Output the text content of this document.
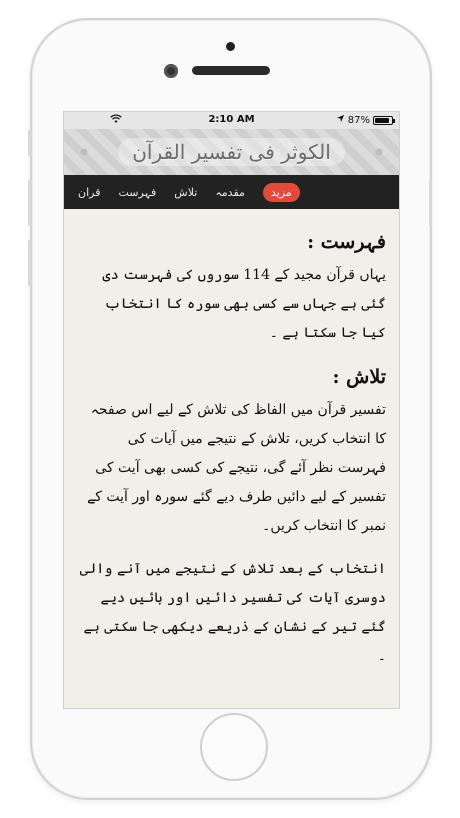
2:10 AM	87%
الکوثر فی تفسیر القرآن
قران فہرست تلاش مقدمہ	مزید
فہرست :

یہاں قرآن مجید کے 114 سوروں کی فہرست دی گئی ہے جہاں سے کسی بھی سورہ کا انتخاب کیا جا سکتا ہے ۔

تلاش :

تفسیر قرآن میں الفاظ کی تلاش کے لیے اس صفحہ کا انتخاب کریں، تلاش کے نتیجے میں آیات کی فہرست نظر آئے گی، نتیجے کی کسی بھی آیت کی تفسیر کے لیے دائیں طرف دیے گئے سورہ اور آیت کے نمبر کا انتخاب کریں۔

انتخاب کے بعد تلاش کے نتیجے میں آنے والی دوسری آیات کی تفسیر دائیں اور بائیں دیے گئے تیر کے نشان کے ذریعے دیکھی جا سکتی ہے ۔
